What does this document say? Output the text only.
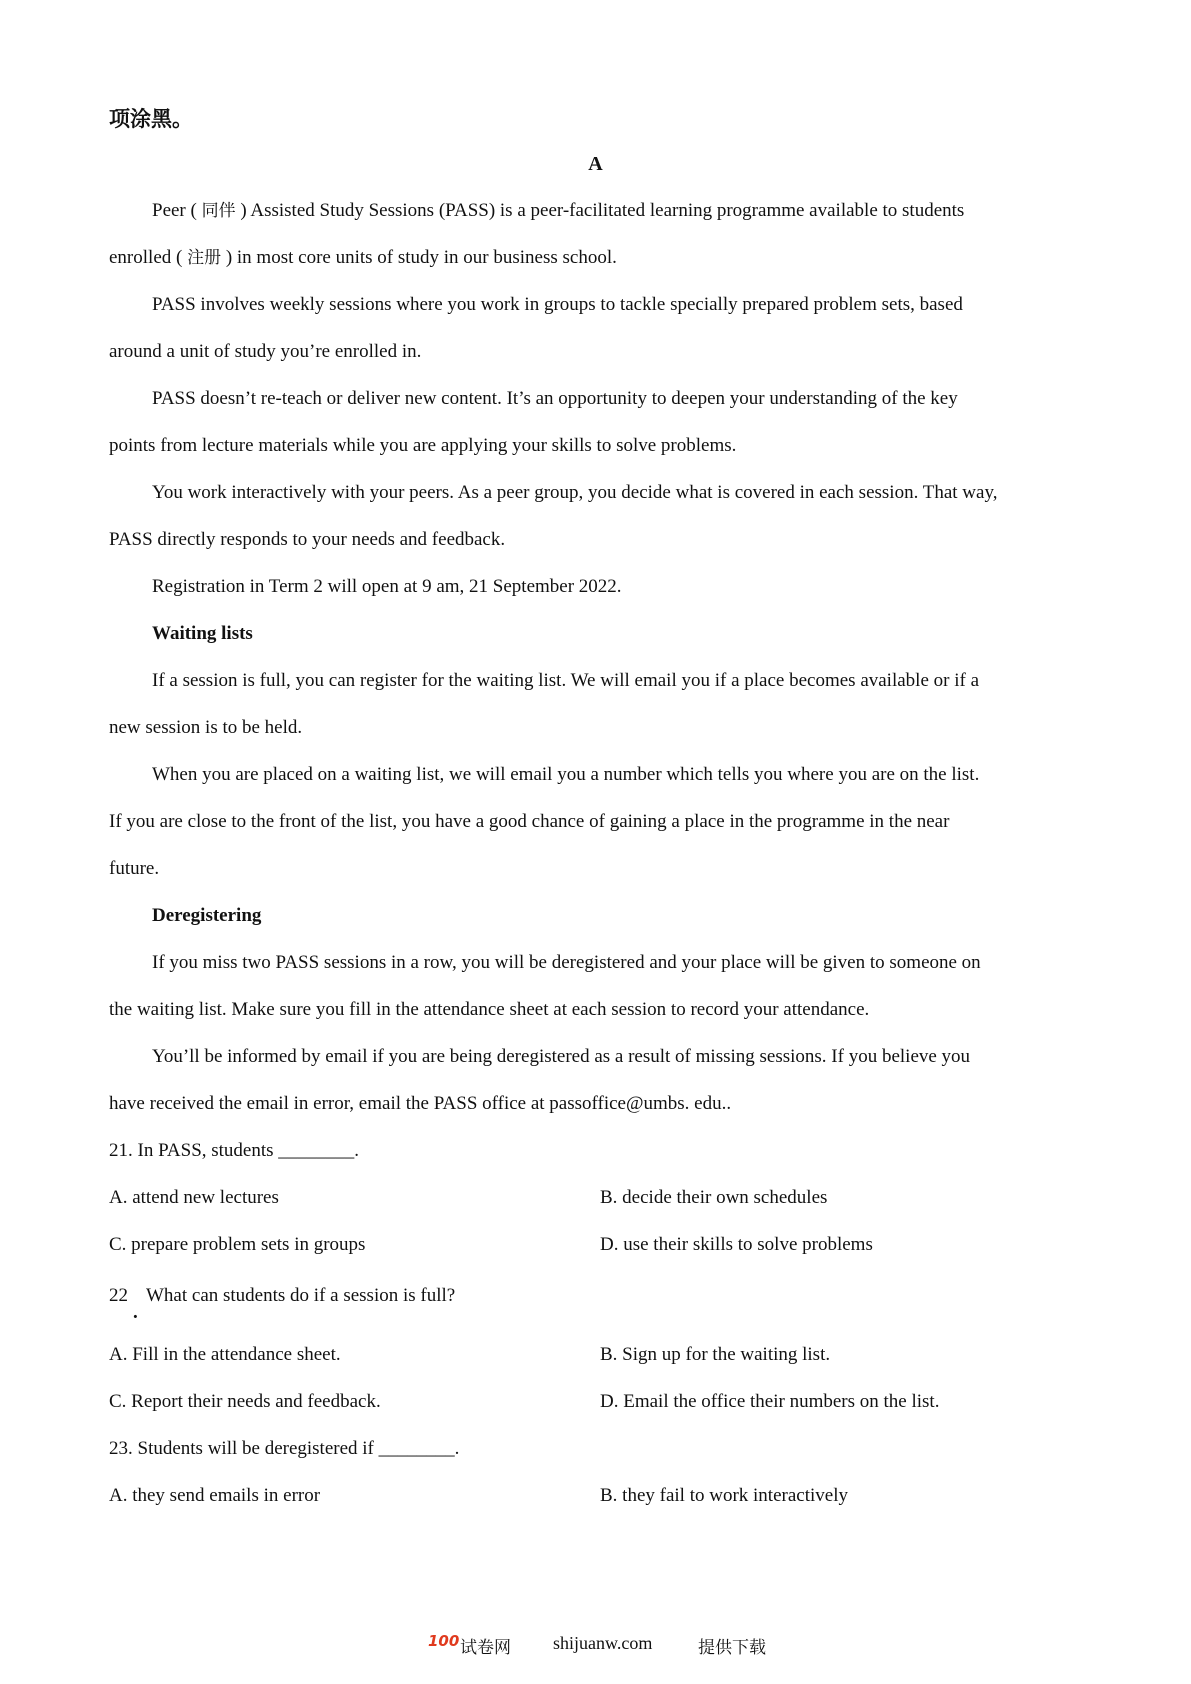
项涂黑。
A
Peer ( 同伴 ) Assisted Study Sessions (PASS) is a peer-facilitated learning programme available to students
enrolled ( 注册 ) in most core units of study in our business school.
PASS involves weekly sessions where you work in groups to tackle specially prepared problem sets, based
around a unit of study you’re enrolled in.
PASS doesn’t re-teach or deliver new content. It’s an opportunity to deepen your understanding of the key
points from lecture materials while you are applying your skills to solve problems.
You work interactively with your peers. As a peer group, you decide what is covered in each session. That way,
PASS directly responds to your needs and feedback.
Registration in Term 2 will open at 9 am, 21 September 2022.
Waiting lists
If a session is full, you can register for the waiting list. We will email you if a place becomes available or if a
new session is to be held.
When you are placed on a waiting list, we will email you a number which tells you where you are on the list.
If you are close to the front of the list, you have a good chance of gaining a place in the programme in the near
future.
Deregistering
If you miss two PASS sessions in a row, you will be deregistered and your place will be given to someone on
the waiting list. Make sure you fill in the attendance sheet at each session to record your attendance.
You’ll be informed by email if you are being deregistered as a result of missing sessions. If you believe you
have received the email in error, email the PASS office at passoffice@umbs. edu..
21. In PASS, students ________.
A. attend new lectures	B. decide their own schedules
C. prepare problem sets in groups	D. use their skills to solve problems
22
.
What can students do if a session is full?
A. Fill in the attendance sheet.	B. Sign up for the waiting list.
C. Report their needs and feedback.	D. Email the office their numbers on the list.
23. Students will be deregistered if ________.
A. they send emails in error	B. they fail to work interactively
100 试卷网 shijuanw.com	提供下载
